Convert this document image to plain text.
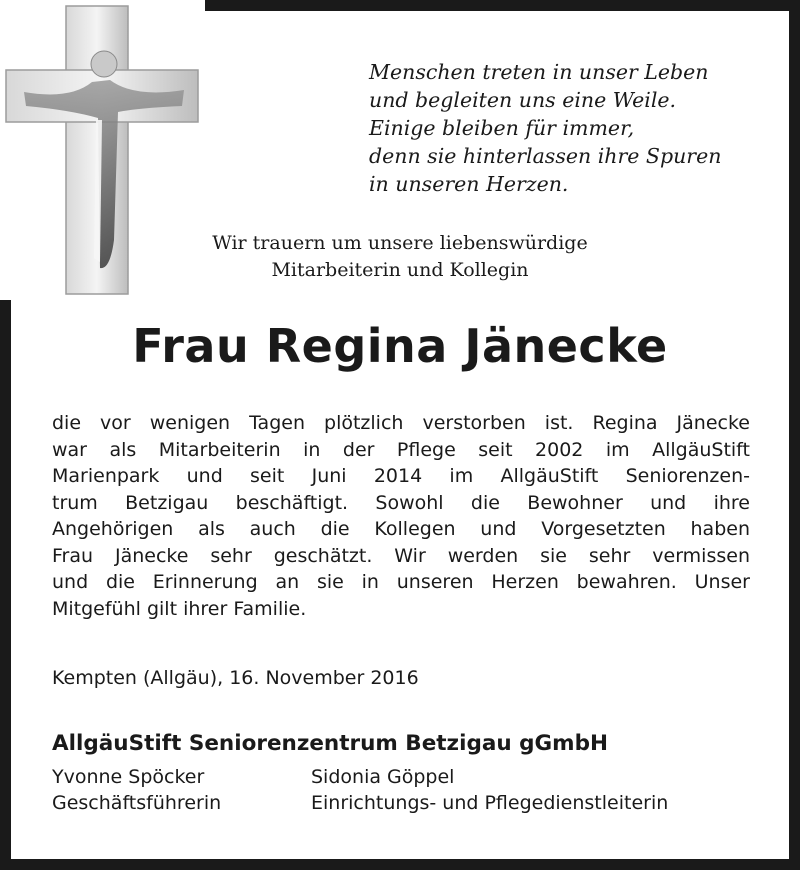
Menschen treten in unser Leben
und begleiten uns eine Weile.
Einige bleiben für immer,
denn sie hinterlassen ihre Spuren
in unseren Herzen.
Wir trauern um unsere liebenswürdige
Mitarbeiterin und Kollegin
Frau Regina Jänecke
die vor wenigen Tagen plötzlich verstorben ist. Regina Jänecke
war als Mitarbeiterin in der Pflege seit 2002 im AllgäuStift
Marienpark und seit Juni 2014 im AllgäuStift Seniorenzen-
trum Betzigau beschäftigt. Sowohl die Bewohner und ihre
Angehörigen als auch die Kollegen und Vorgesetzten haben
Frau Jänecke sehr geschätzt. Wir werden sie sehr vermissen
und die Erinnerung an sie in unseren Herzen bewahren. Unser
Mitgefühl gilt ihrer Familie.
Kempten (Allgäu), 16. November 2016
AllgäuStift Seniorenzentrum Betzigau gGmbH
Yvonne Spöcker
Geschäftsführerin
Sidonia Göppel
Einrichtungs- und Pflegedienstleiterin
